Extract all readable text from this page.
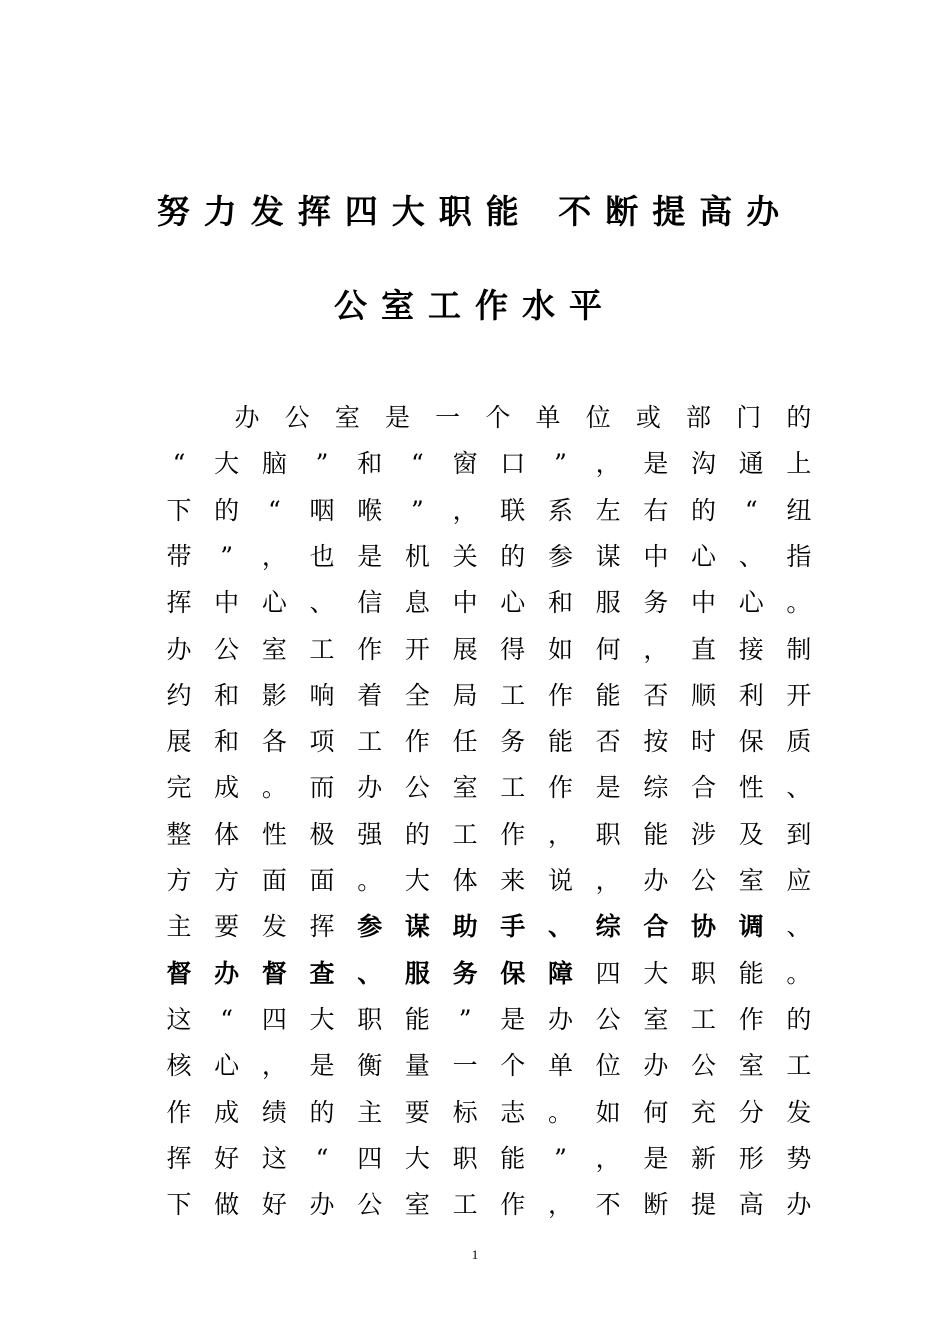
努力发挥四大职能 不断提高办
公室工作水平
办 公 室 是 一 个 单 位 或 部 门 的
“	大 脑	”	和	“	窗 口	”	， 是 沟 通 上
下 的	“	咽 喉	”	， 联 系 左 右 的	“	纽
带	”	， 也 是 机 关 的 参 谋 中 心 、 指
挥 中 心 、 信 息 中 心 和 服 务 中 心 。
办 公 室 工 作 开 展 得 如 何 ， 直 接 制
约 和 影 响 着 全 局 工 作 能 否 顺 利 开
展 和 各 项 工 作 任 务 能 否 按 时 保 质
完 成 。 而 办 公 室 工 作 是 综 合 性 、
整 体 性 极 强 的 工 作 ， 职 能 涉 及 到
方 方 面 面 。 大 体 来 说 ， 办 公 室 应
主 要 发 挥 参 谋 助 手 、 综 合 协 调 、
督 办 督 查 、 服 务 保 障 四 大 职 能 。
这	“	四 大 职 能	”	是 办 公 室 工 作 的
核 心 ， 是 衡 量 一 个 单 位 办 公 室 工
作 成 绩 的 主 要 标 志 。 如 何 充 分 发
挥 好 这	“	四 大 职 能	”	， 是 新 形 势
下 做 好 办 公 室 工 作 ， 不 断 提 高 办
1
